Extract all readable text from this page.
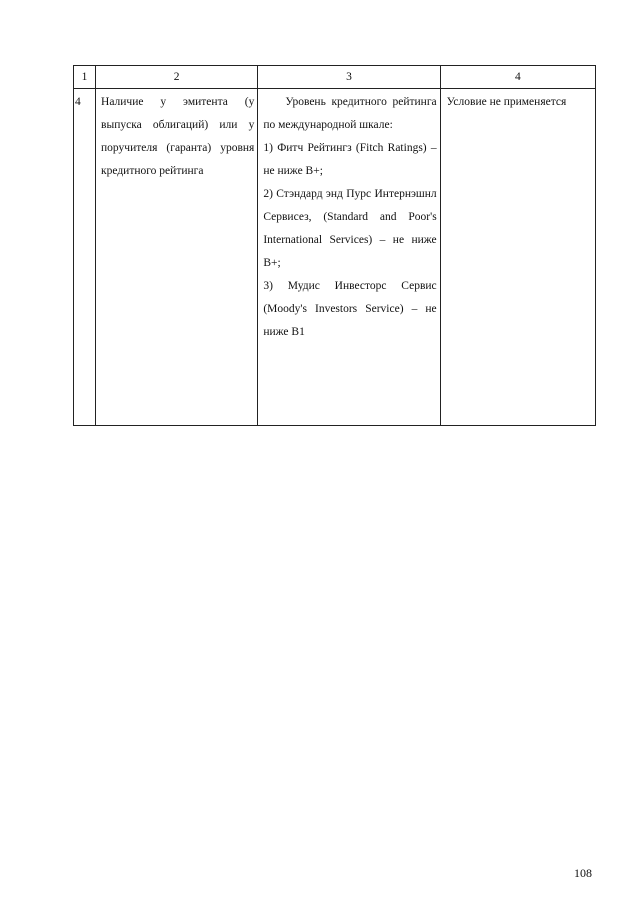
1	2	3	4
4	Наличие у эмитента (у выпуска облигаций) или у поручителя (гаранта) уровня кредитного рейтинга	Уровень кредитного рейтинга по международной шкале:
1) Фитч Рейтингз (Fitch Ratings) – не ниже B+;
2) Стэндард энд Пурс Интернэшнл Сервисез, (Standard and Poor's International Services) – не ниже B+;
3) Мудис Инвесторс Сервис (Moody's Investors Service) – не ниже B1	Условие не применяется
108
